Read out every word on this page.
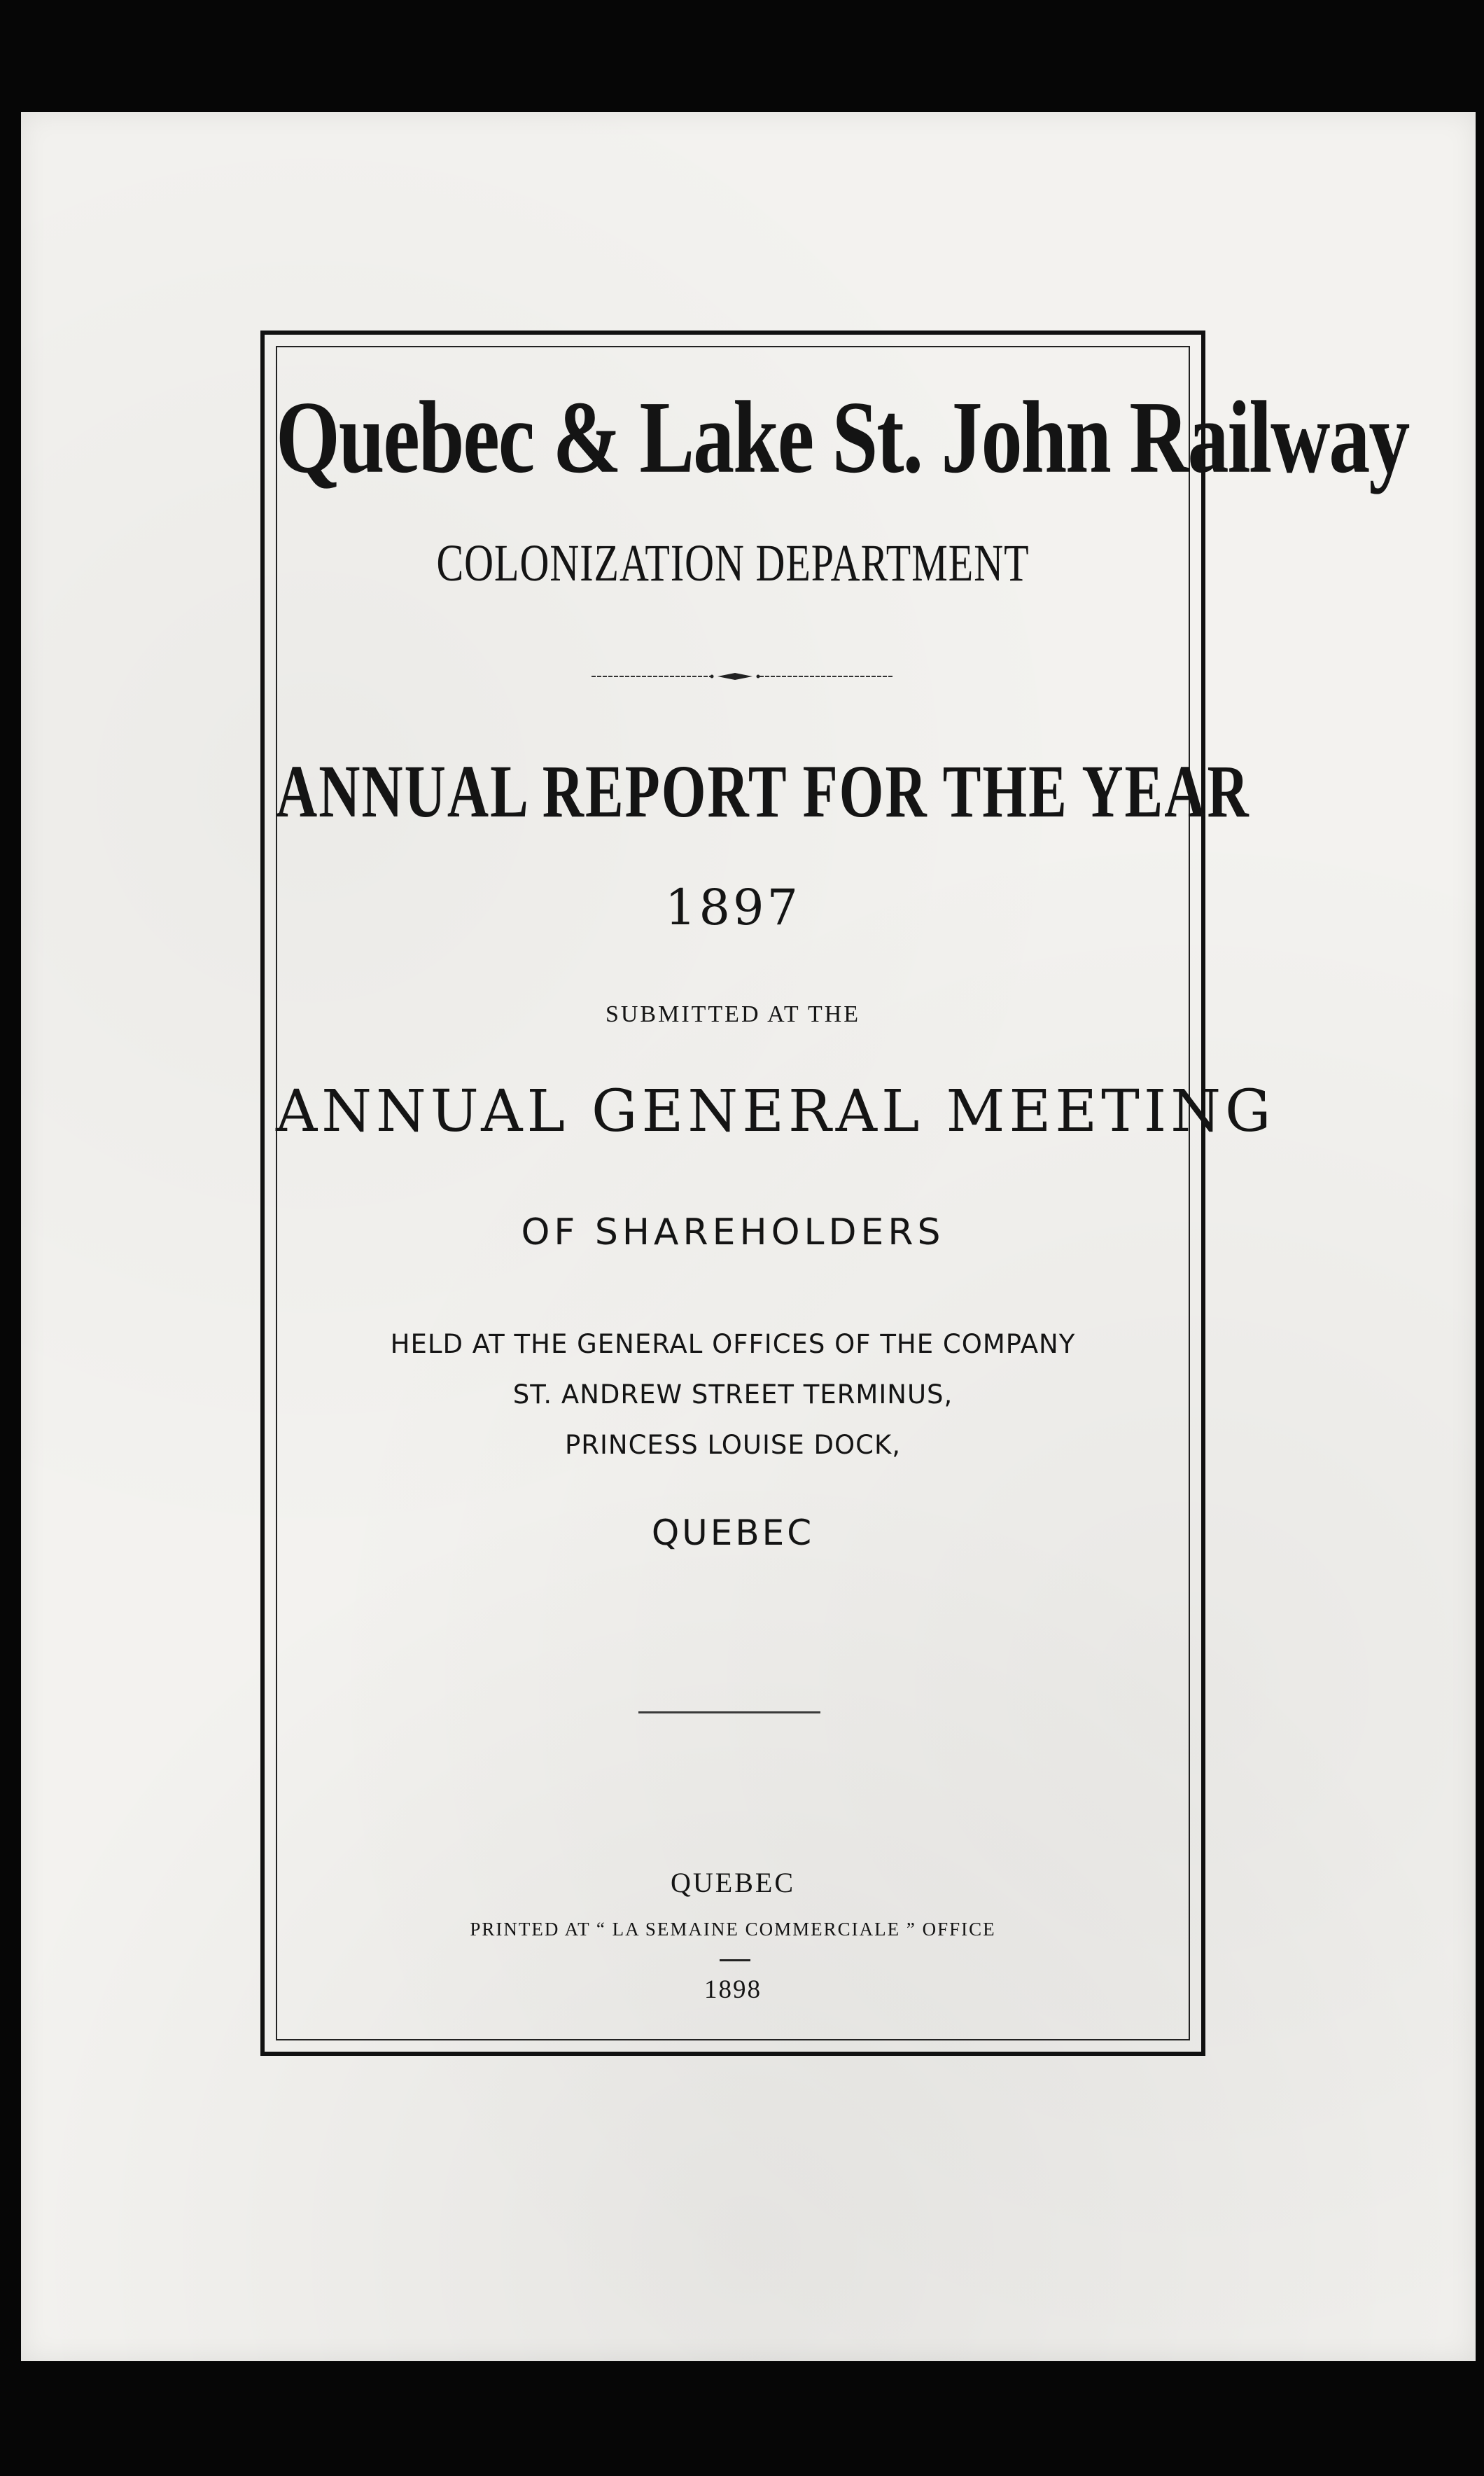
Quebec & Lake St. John Railway
COLONIZATION DEPARTMENT
ANNUAL REPORT FOR THE YEAR
1897
SUBMITTED AT THE
ANNUAL GENERAL MEETING
OF SHAREHOLDERS
HELD AT THE GENERAL OFFICES OF THE COMPANY
ST. ANDREW STREET TERMINUS,
PRINCESS LOUISE DOCK,
QUEBEC
QUEBEC
PRINTED AT “ LA SEMAINE COMMERCIALE ” OFFICE
1898
